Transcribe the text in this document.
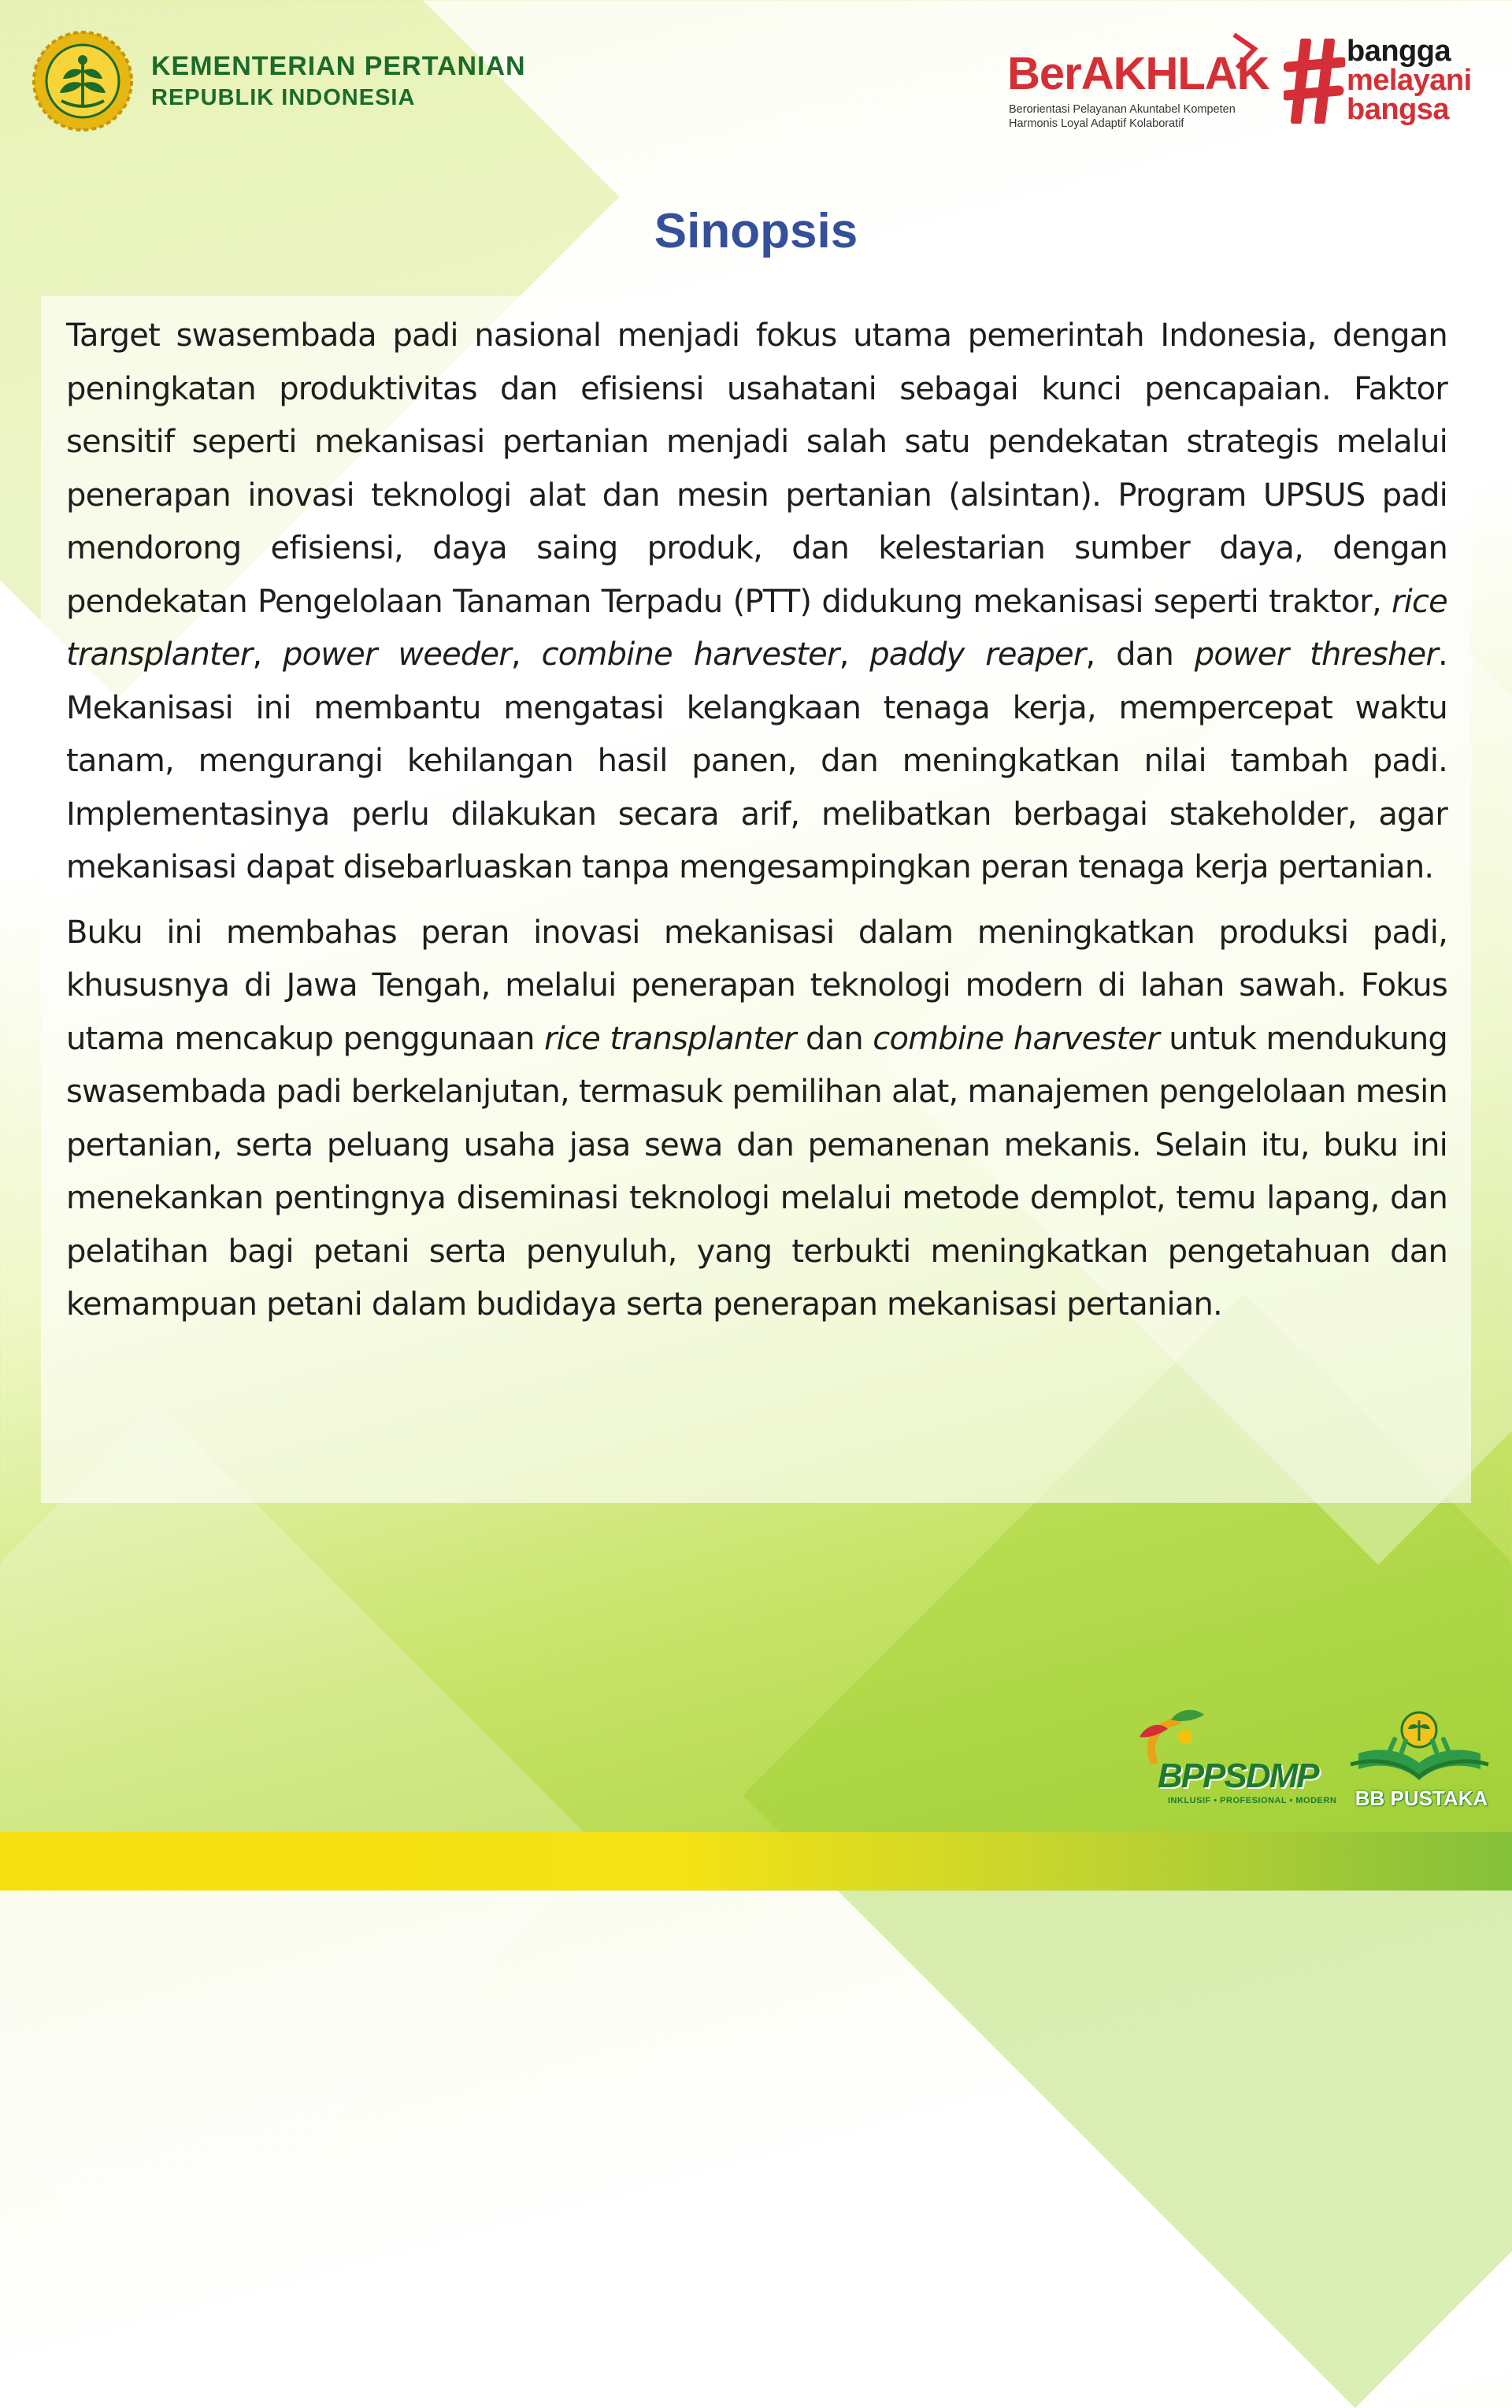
KEMENTERIAN PERTANIAN
REPUBLIK INDONESIA	BerAKHLAK
Berorientasi Pelayanan Akuntabel Kompeten
Harmonis Loyal Adaptif Kolaboratif
bangga
melayani
bangsa
Sinopsis

Target swasembada padi nasional menjadi fokus utama pemerintah Indonesia, dengan peningkatan produktivitas dan efisiensi usahatani sebagai kunci pencapaian. Faktor sensitif seperti mekanisasi pertanian menjadi salah satu pendekatan strategis melalui penerapan inovasi teknologi alat dan mesin pertanian (alsintan). Program UPSUS padi mendorong efisiensi, daya saing produk, dan kelestarian sumber daya, dengan pendekatan Pengelolaan Tanaman Terpadu (PTT) didukung mekanisasi seperti traktor, rice transplanter, power weeder, combine harvester, paddy reaper, dan power thresher. Mekanisasi ini membantu mengatasi kelangkaan tenaga kerja, mempercepat waktu tanam, mengurangi kehilangan hasil panen, dan meningkatkan nilai tambah padi. Implementasinya perlu dilakukan secara arif, melibatkan berbagai stakeholder, agar mekanisasi dapat disebarluaskan tanpa mengesampingkan peran tenaga kerja pertanian.

Buku ini membahas peran inovasi mekanisasi dalam meningkatkan produksi padi, khususnya di Jawa Tengah, melalui penerapan teknologi modern di lahan sawah. Fokus utama mencakup penggunaan rice transplanter dan combine harvester untuk mendukung swasembada padi berkelanjutan, termasuk pemilihan alat, manajemen pengelolaan mesin pertanian, serta peluang usaha jasa sewa dan pemanenan mekanis. Selain itu, buku ini menekankan pentingnya diseminasi teknologi melalui metode demplot, temu lapang, dan pelatihan bagi petani serta penyuluh, yang terbukti meningkatkan pengetahuan dan kemampuan petani dalam budidaya serta penerapan mekanisasi pertanian.

BPPSDMP
INKLUSIF • PROFESIONAL • MODERN BB PUSTAKA
